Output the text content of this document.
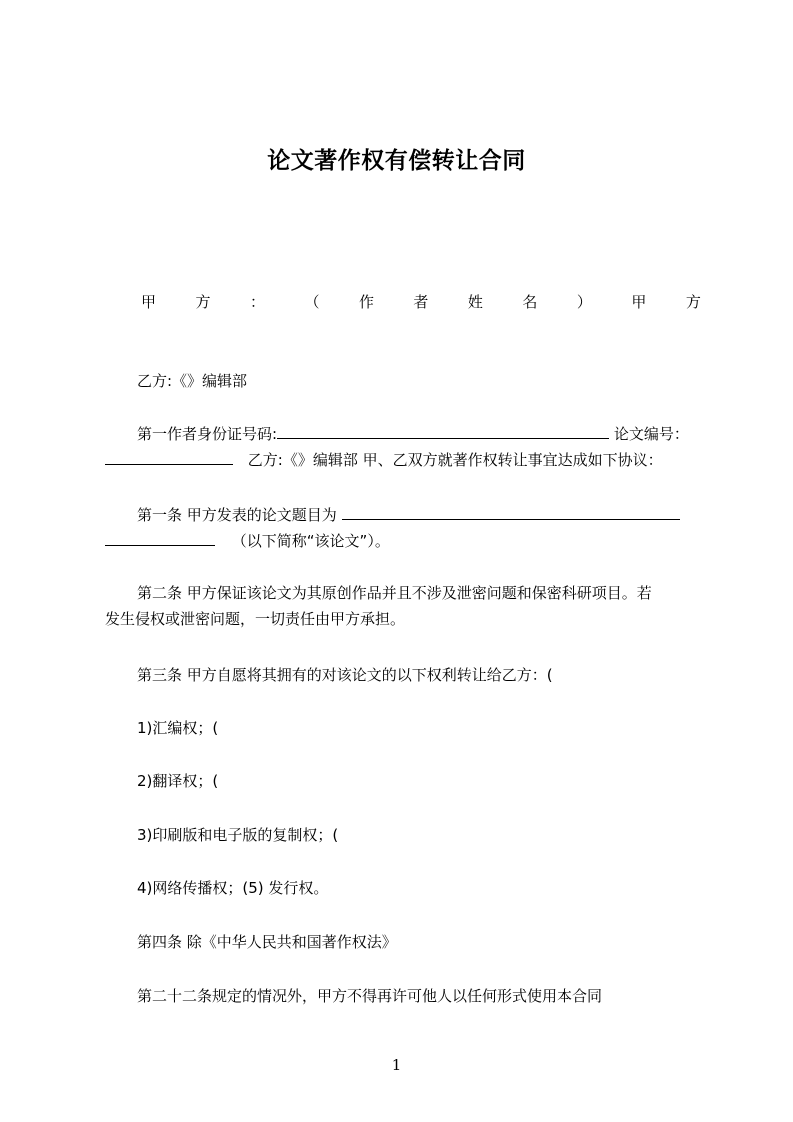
论文著作权有偿转让合同
甲	方	：	（	作	者	姓	名	）	甲	方
乙方:《》编辑部
第一作者身份证号码:	论文编号：
乙方:《》编辑部 甲、乙双方就著作权转让事宜达成如下协议：
第一条 甲方发表的论文题目为
（以下简称“该论文”）。
第二条 甲方保证该论文为其原创作品并且不涉及泄密问题和保密科研项目。若
发生侵权或泄密问题，一切责任由甲方承担。
第三条 甲方自愿将其拥有的对该论文的以下权利转让给乙方：(
1)汇编权；(
2)翻译权；(
3)印刷版和电子版的复制权；(
4)网络传播权；(5) 发行权。
第四条 除《中华人民共和国著作权法》
第二十二条规定的情况外，甲方不得再许可他人以任何形式使用本合同
1
